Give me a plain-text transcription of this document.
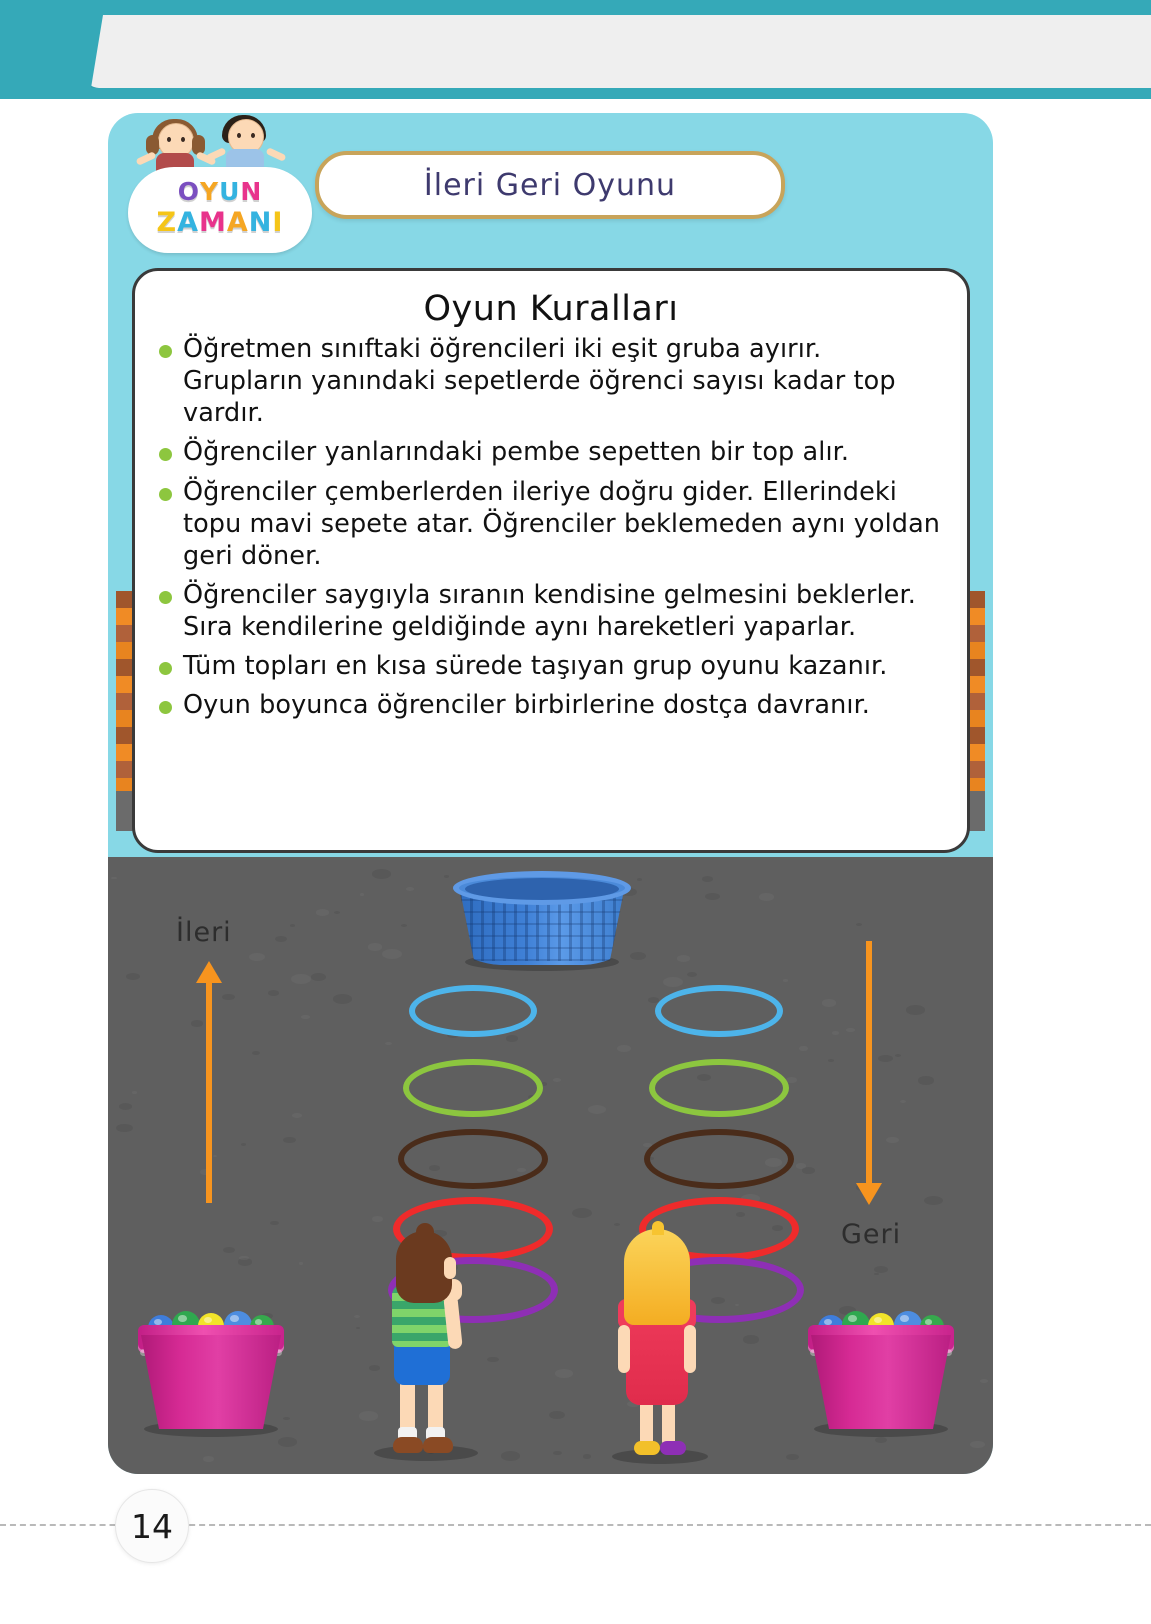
OYUN
ZAMANI
İleri Geri Oyunu
Oyun Kuralları
Öğretmen sınıftaki öğrencileri iki eşit gruba ayırır. Grupların yanındaki sepetlerde öğrenci sayısı kadar top vardır.
Öğrenciler yanlarındaki pembe sepetten bir top alır.
Öğrenciler çemberlerden ileriye doğru gider. Ellerindeki topu mavi sepete atar. Öğrenciler beklemeden aynı yoldan geri döner.
Öğrenciler saygıyla sıranın kendisine gelmesini beklerler. Sıra kendilerine geldiğinde aynı hareketleri yaparlar.
Tüm topları en kısa sürede taşıyan grup oyunu kazanır.
Oyun boyunca öğrenciler birbirlerine dostça davranır.
İleri
Geri
14
